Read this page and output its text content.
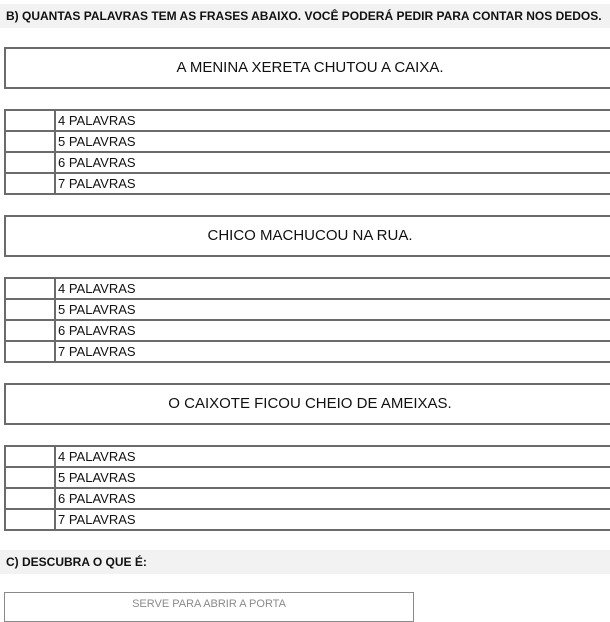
B) QUANTAS PALAVRAS TEM AS FRASES ABAIXO. VOCÊ PODERÁ PEDIR PARA CONTAR NOS DEDOS.
A MENINA XERETA CHUTOU A CAIXA.
	4 PALAVRAS
	5 PALAVRAS
	6 PALAVRAS
	7 PALAVRAS
CHICO MACHUCOU NA RUA.
	4 PALAVRAS
	5 PALAVRAS
	6 PALAVRAS
	7 PALAVRAS
O CAIXOTE FICOU CHEIO DE AMEIXAS.
	4 PALAVRAS
	5 PALAVRAS
	6 PALAVRAS
	7 PALAVRAS
C) DESCUBRA O QUE É:
SERVE PARA ABRIR A PORTA
